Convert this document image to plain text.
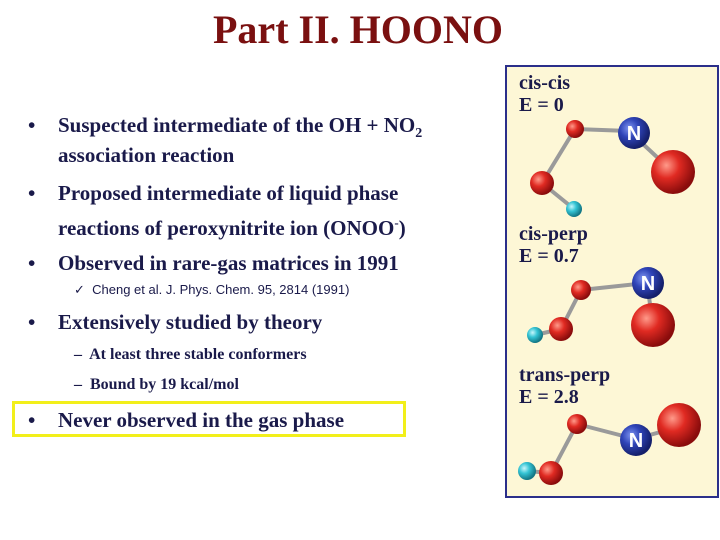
Part II. HOONO
• Suspected intermediate of the OH + $NO_2$
association reaction
• Proposed intermediate of liquid phase
reactions of peroxynitrite ion (ONOO-)
• Observed in rare-gas matrices in 1991
✓ Cheng et al. J. Phys. Chem. 95, 2814 (1991)
• Extensively studied by theory
– At least three stable conformers
– Bound by 19 kcal/mol
• Never observed in the gas phase
N
N
N
cis-cis
E = 0
cis-perp
E = 0.7
trans-perp
E = 2.8
